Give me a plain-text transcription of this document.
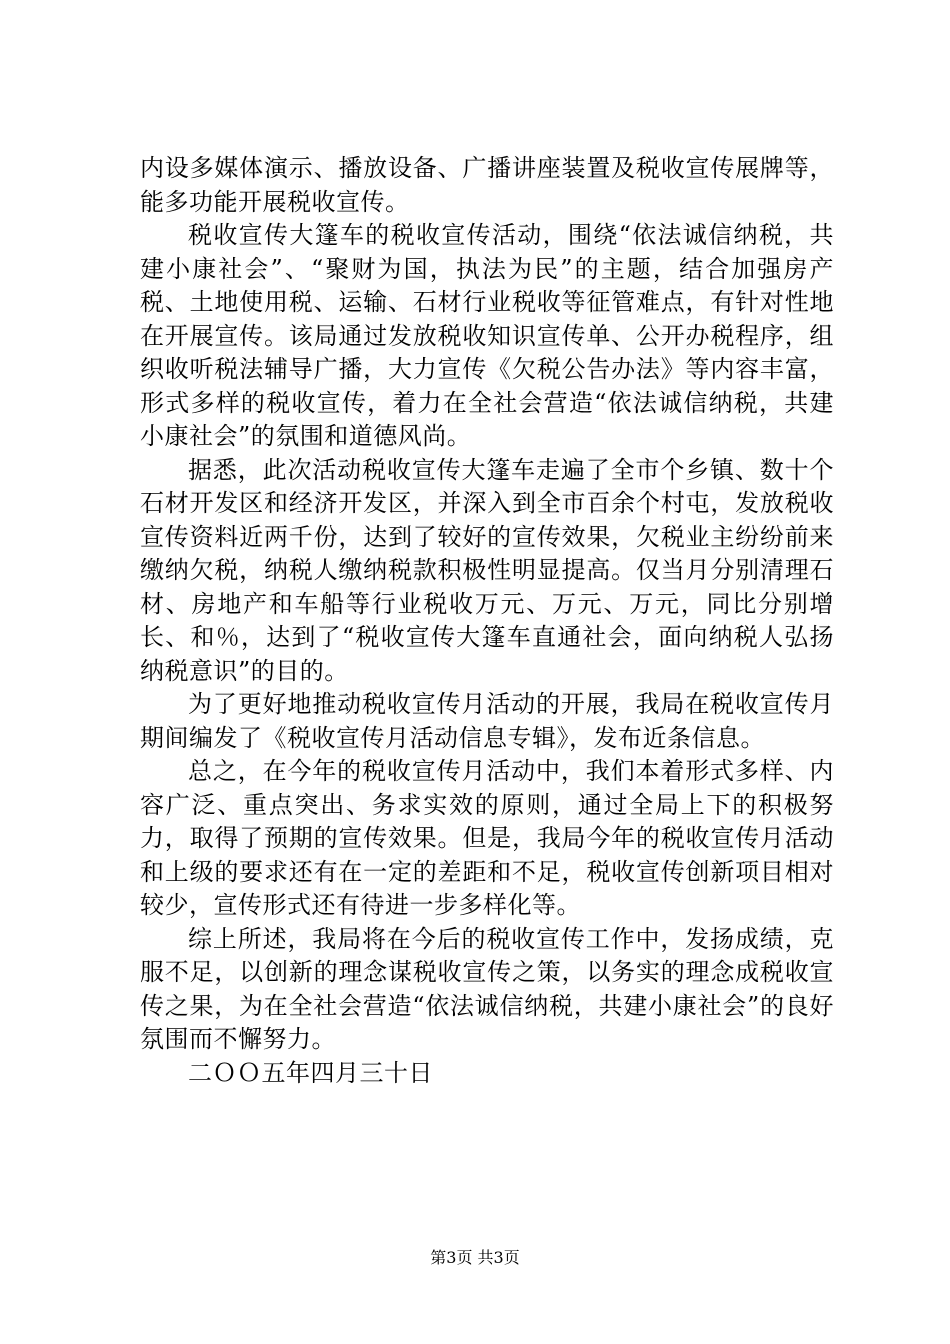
内设多媒体演示、播放设备、广播讲座装置及税收宣传展牌等，能多功能开展税收宣传。

税收宣传大篷车的税收宣传活动，围绕“依法诚信纳税，共建小康社会”、“聚财为国，执法为民”的主题，结合加强房产税、土地使用税、运输、石材行业税收等征管难点，有针对性地在开展宣传。该局通过发放税收知识宣传单、公开办税程序，组织收听税法辅导广播，大力宣传《欠税公告办法》等内容丰富，形式多样的税收宣传，着力在全社会营造“依法诚信纳税，共建小康社会”的氛围和道德风尚。

据悉，此次活动税收宣传大篷车走遍了全市个乡镇、数十个石材开发区和经济开发区，并深入到全市百余个村屯，发放税收宣传资料近两千份，达到了较好的宣传效果，欠税业主纷纷前来缴纳欠税，纳税人缴纳税款积极性明显提高。仅当月分别清理石材、房地产和车船等行业税收万元、万元、万元，同比分别增长、和％，达到了“税收宣传大篷车直通社会，面向纳税人弘扬纳税意识”的目的。

为了更好地推动税收宣传月活动的开展，我局在税收宣传月期间编发了《税收宣传月活动信息专辑》，发布近条信息。

总之，在今年的税收宣传月活动中，我们本着形式多样、内容广泛、重点突出、务求实效的原则，通过全局上下的积极努力，取得了预期的宣传效果。但是，我局今年的税收宣传月活动和上级的要求还有在一定的差距和不足，税收宣传创新项目相对较少，宣传形式还有待进一步多样化等。

综上所述，我局将在今后的税收宣传工作中，发扬成绩，克服不足，以创新的理念谋税收宣传之策，以务实的理念成税收宣传之果，为在全社会营造“依法诚信纳税，共建小康社会”的良好氛围而不懈努力。

二ＯＯ五年四月三十日

第3页 共3页
